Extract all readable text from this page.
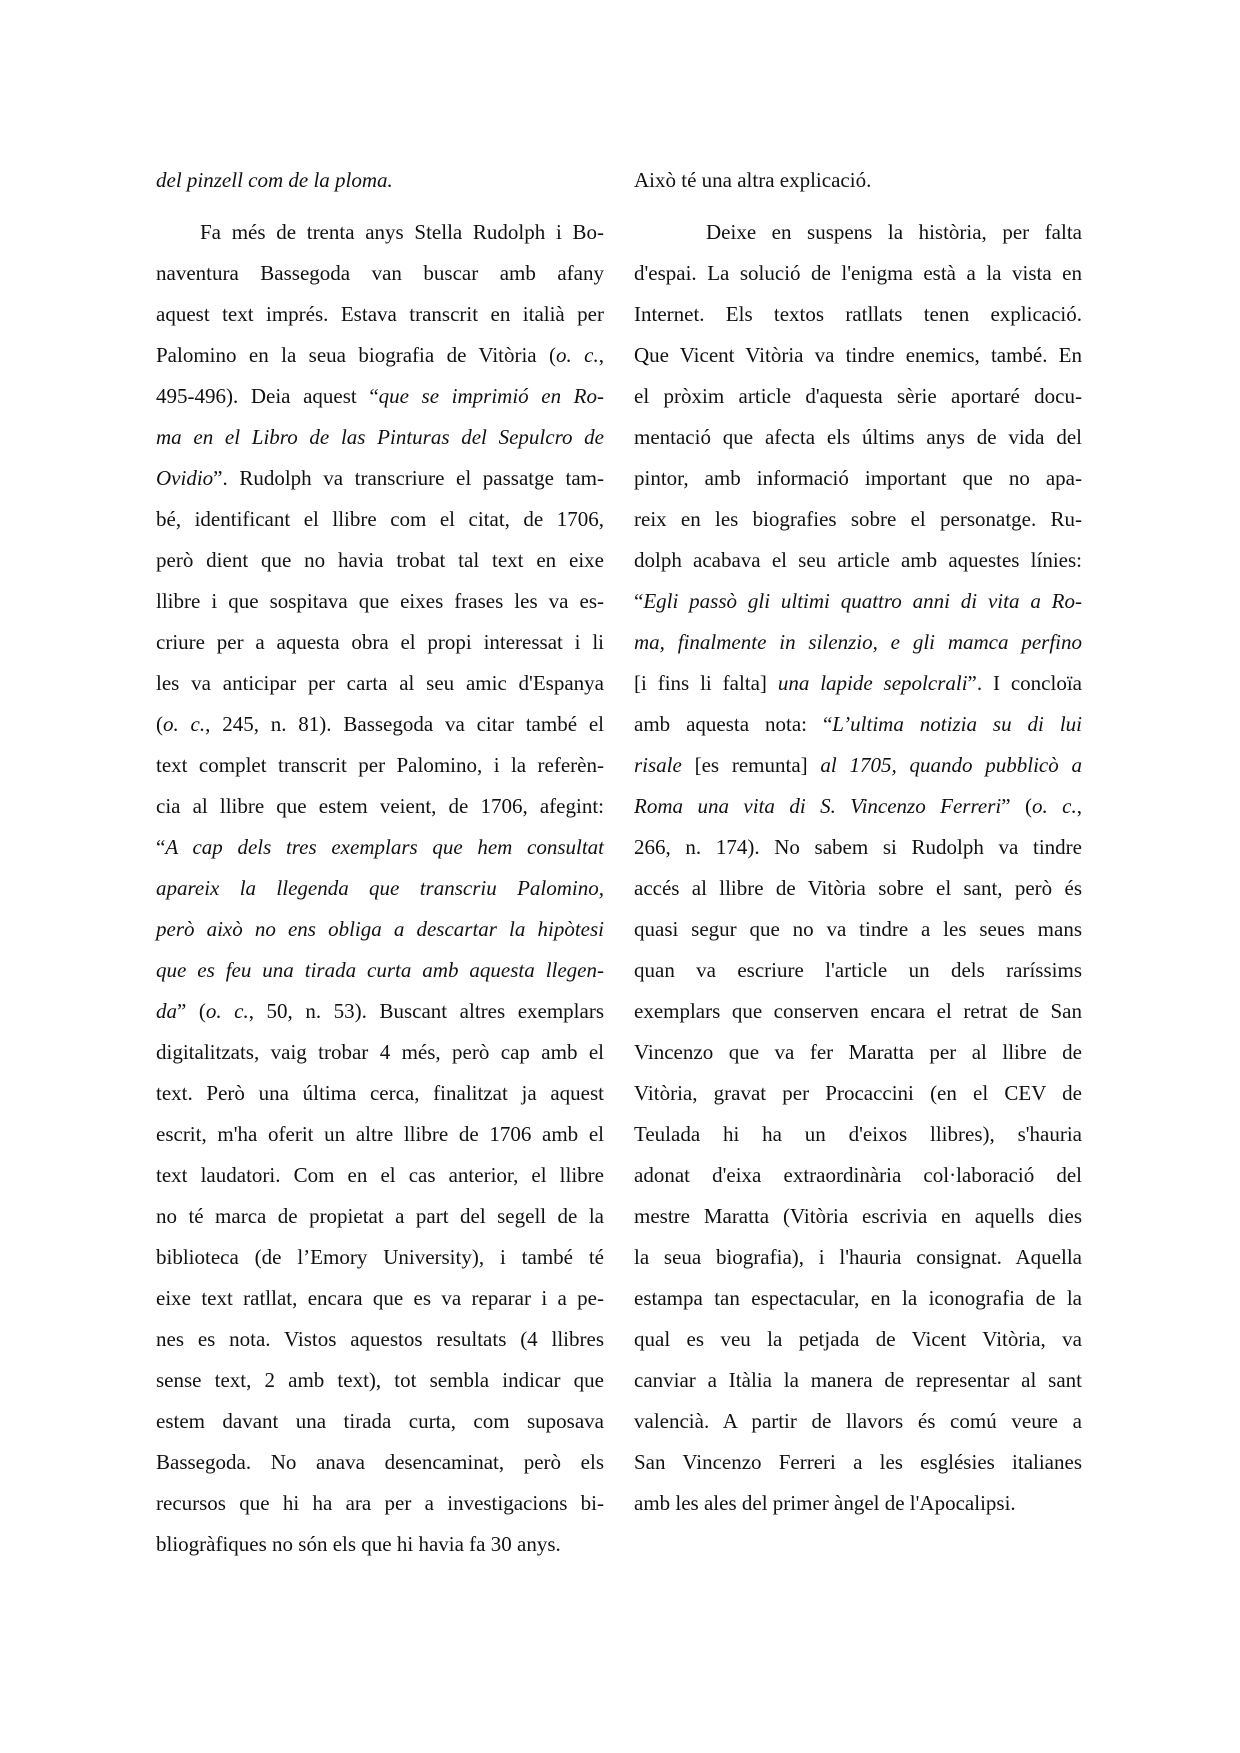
del pinzell com de la ploma.
Fa més de trenta anys Stella Rudolph i Bo-
naventura Bassegoda van buscar amb afany
aquest text imprés. Estava transcrit en italià per
Palomino en la seua biografia de Vitòria (o. c.,
495-496). Deia aquest “que se imprimió en Ro-
ma en el Libro de las Pinturas del Sepulcro de
Ovidio”. Rudolph va transcriure el passatge tam-
bé, identificant el llibre com el citat, de 1706,
però dient que no havia trobat tal text en eixe
llibre i que sospitava que eixes frases les va es-
criure per a aquesta obra el propi interessat i li
les va anticipar per carta al seu amic d'Espanya
(o. c., 245, n. 81). Bassegoda va citar també el
text complet transcrit per Palomino, i la referèn-
cia al llibre que estem veient, de 1706, afegint:
“A cap dels tres exemplars que hem consultat
apareix la llegenda que transcriu Palomino,
però això no ens obliga a descartar la hipòtesi
que es feu una tirada curta amb aquesta llegen-
da” (o. c., 50, n. 53). Buscant altres exemplars
digitalitzats, vaig trobar 4 més, però cap amb el
text. Però una última cerca, finalitzat ja aquest
escrit, m'ha oferit un altre llibre de 1706 amb el
text laudatori. Com en el cas anterior, el llibre
no té marca de propietat a part del segell de la
biblioteca (de l’Emory University), i també té
eixe text ratllat, encara que es va reparar i a pe-
nes es nota. Vistos aquestos resultats (4 llibres
sense text, 2 amb text), tot sembla indicar que
estem davant una tirada curta, com suposava
Bassegoda. No anava desencaminat, però els
recursos que hi ha ara per a investigacions bi-
bliogràfiques no són els que hi havia fa 30 anys.
Això té una altra explicació.
Deixe en suspens la història, per falta
d'espai. La solució de l'enigma està a la vista en
Internet. Els textos ratllats tenen explicació.
Que Vicent Vitòria va tindre enemics, també. En
el pròxim article d'aquesta sèrie aportaré docu-
mentació que afecta els últims anys de vida del
pintor, amb informació important que no apa-
reix en les biografies sobre el personatge. Ru-
dolph acabava el seu article amb aquestes línies:
“Egli passò gli ultimi quattro anni di vita a Ro-
ma, finalmente in silenzio, e gli mamca perfino
[i fins li falta] una lapide sepolcrali”. I concloïa
amb aquesta nota: “L’ultima notizia su di lui
risale [es remunta] al 1705, quando pubblicò a
Roma una vita di S. Vincenzo Ferreri” (o. c.,
266, n. 174). No sabem si Rudolph va tindre
accés al llibre de Vitòria sobre el sant, però és
quasi segur que no va tindre a les seues mans
quan va escriure l'article un dels raríssims
exemplars que conserven encara el retrat de San
Vincenzo que va fer Maratta per al llibre de
Vitòria, gravat per Procaccini (en el CEV de
Teulada hi ha un d'eixos llibres), s'hauria
adonat d'eixa extraordinària col·laboració del
mestre Maratta (Vitòria escrivia en aquells dies
la seua biografia), i l'hauria consignat. Aquella
estampa tan espectacular, en la iconografia de la
qual es veu la petjada de Vicent Vitòria, va
canviar a Itàlia la manera de representar al sant
valencià. A partir de llavors és comú veure a
San Vincenzo Ferreri a les esglésies italianes
amb les ales del primer àngel de l'Apocalipsi.
